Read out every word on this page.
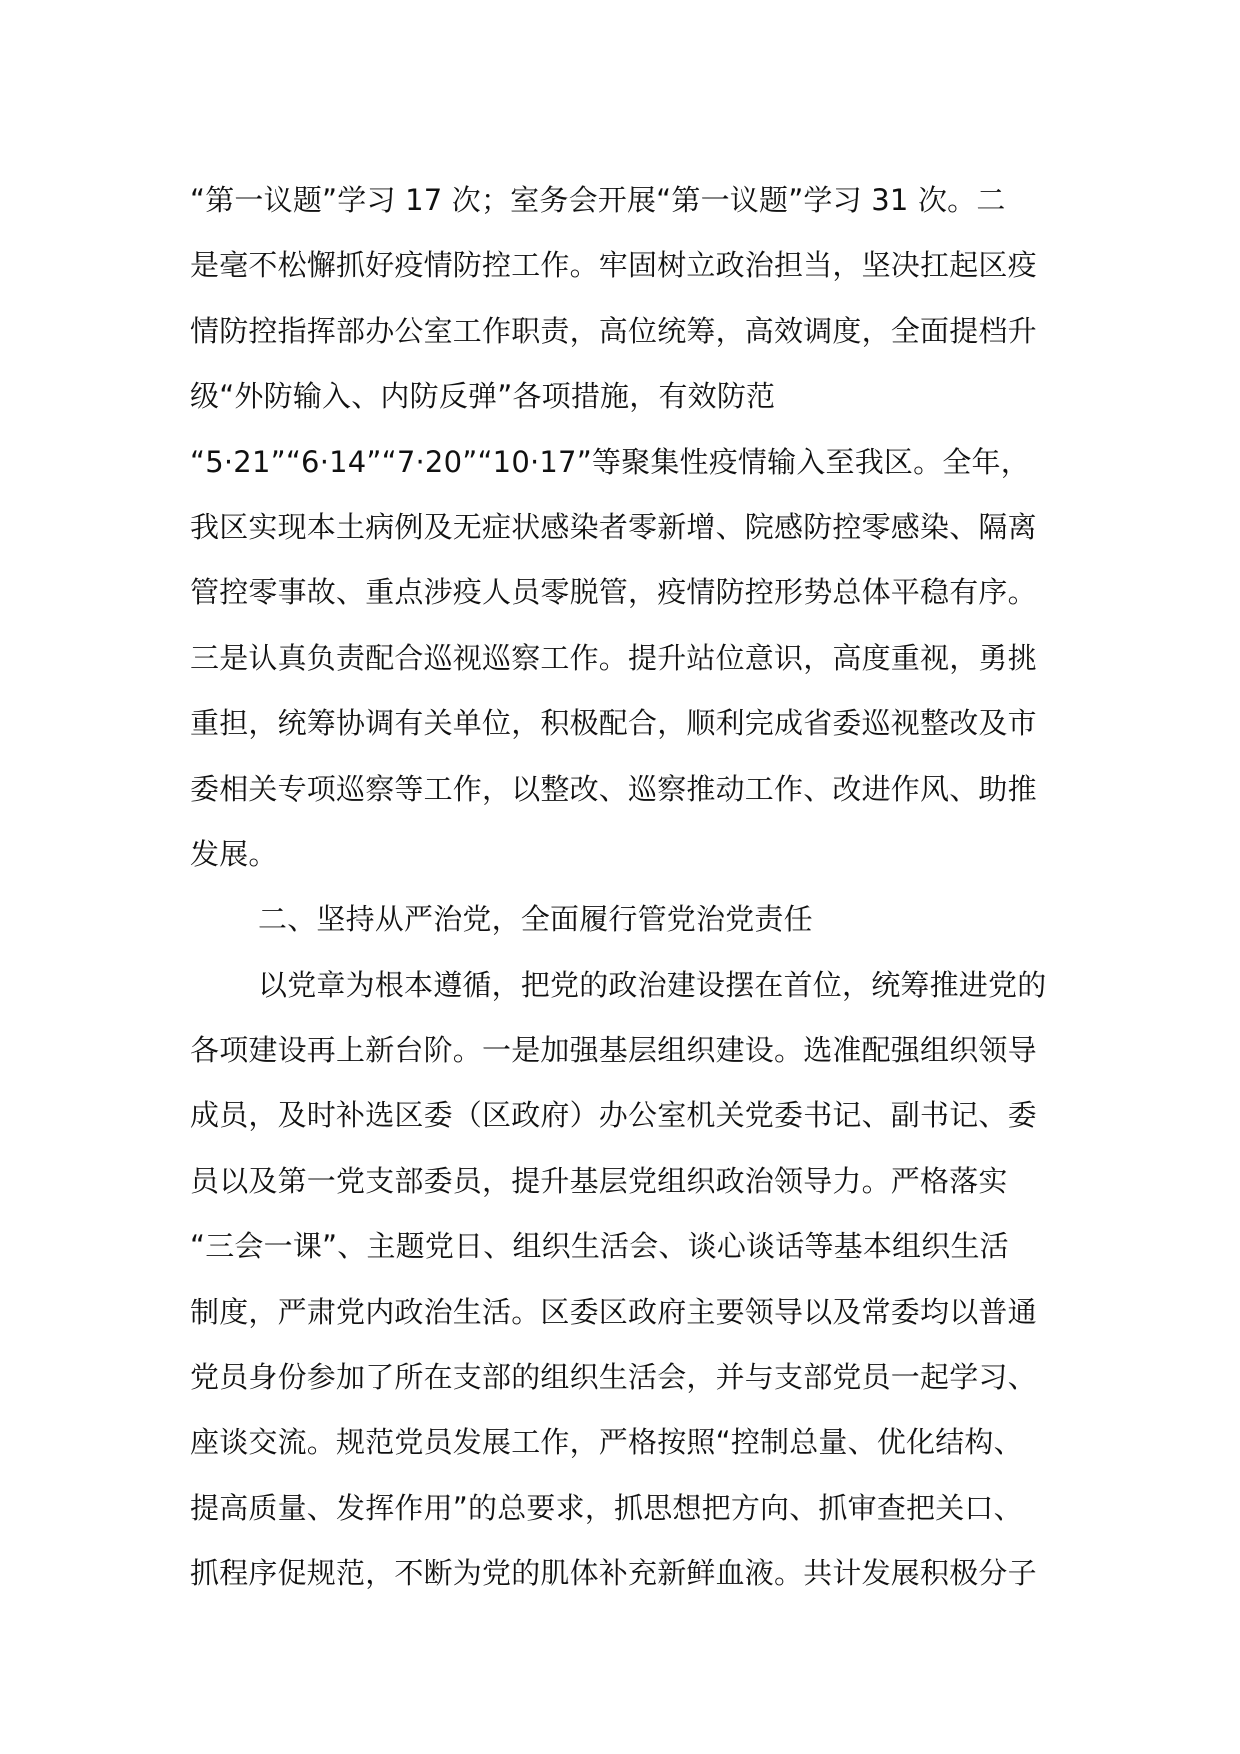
“第一议题”学习 17 次；室务会开展“第一议题”学习 31 次。二
是毫不松懈抓好疫情防控工作。牢固树立政治担当，坚决扛起区疫
情防控指挥部办公室工作职责，高位统筹，高效调度，全面提档升
级“外防输入、内防反弹”各项措施，有效防范
“5·21”“6·14”“7·20”“10·17”等聚集性疫情输入至我区。全年，
我区实现本土病例及无症状感染者零新增、院感防控零感染、隔离
管控零事故、重点涉疫人员零脱管，疫情防控形势总体平稳有序。
三是认真负责配合巡视巡察工作。提升站位意识，高度重视，勇挑
重担，统筹协调有关单位，积极配合，顺利完成省委巡视整改及市
委相关专项巡察等工作，以整改、巡察推动工作、改进作风、助推
发展。
二、坚持从严治党，全面履行管党治党责任
以党章为根本遵循，把党的政治建设摆在首位，统筹推进党的
各项建设再上新台阶。一是加强基层组织建设。选准配强组织领导
成员，及时补选区委（区政府）办公室机关党委书记、副书记、委
员以及第一党支部委员，提升基层党组织政治领导力。严格落实
“三会一课”、主题党日、组织生活会、谈心谈话等基本组织生活
制度，严肃党内政治生活。区委区政府主要领导以及常委均以普通
党员身份参加了所在支部的组织生活会，并与支部党员一起学习、
座谈交流。规范党员发展工作，严格按照“控制总量、优化结构、
提高质量、发挥作用”的总要求，抓思想把方向、抓审查把关口、
抓程序促规范，不断为党的肌体补充新鲜血液。共计发展积极分子
